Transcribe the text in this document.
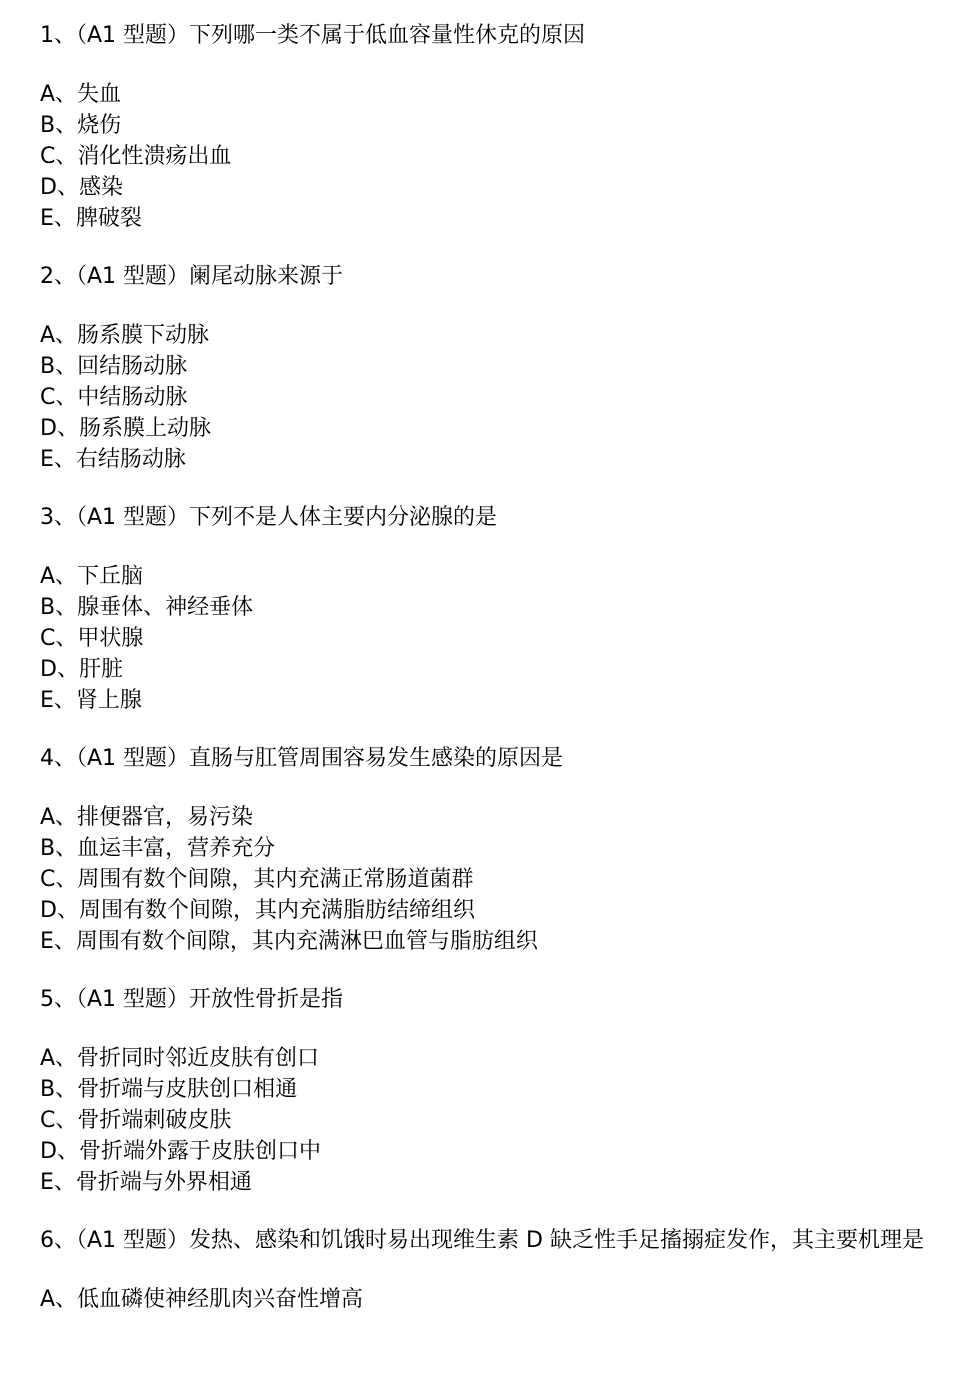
1、（A1 型题）下列哪一类不属于低血容量性休克的原因
A、失血
B、烧伤
C、消化性溃疡出血
D、感染
E、脾破裂
2、（A1 型题）阑尾动脉来源于
A、肠系膜下动脉
B、回结肠动脉
C、中结肠动脉
D、肠系膜上动脉
E、右结肠动脉
3、（A1 型题）下列不是人体主要内分泌腺的是
A、下丘脑
B、腺垂体、神经垂体
C、甲状腺
D、肝脏
E、肾上腺
4、（A1 型题）直肠与肛管周围容易发生感染的原因是
A、排便器官，易污染
B、血运丰富，营养充分
C、周围有数个间隙，其内充满正常肠道菌群
D、周围有数个间隙，其内充满脂肪结缔组织
E、周围有数个间隙，其内充满淋巴血管与脂肪组织
5、（A1 型题）开放性骨折是指
A、骨折同时邻近皮肤有创口
B、骨折端与皮肤创口相通
C、骨折端刺破皮肤
D、骨折端外露于皮肤创口中
E、骨折端与外界相通
6、（A1 型题）发热、感染和饥饿时易出现维生素 D 缺乏性手足搐搦症发作，其主要机理是
A、低血磷使神经肌肉兴奋性增高
